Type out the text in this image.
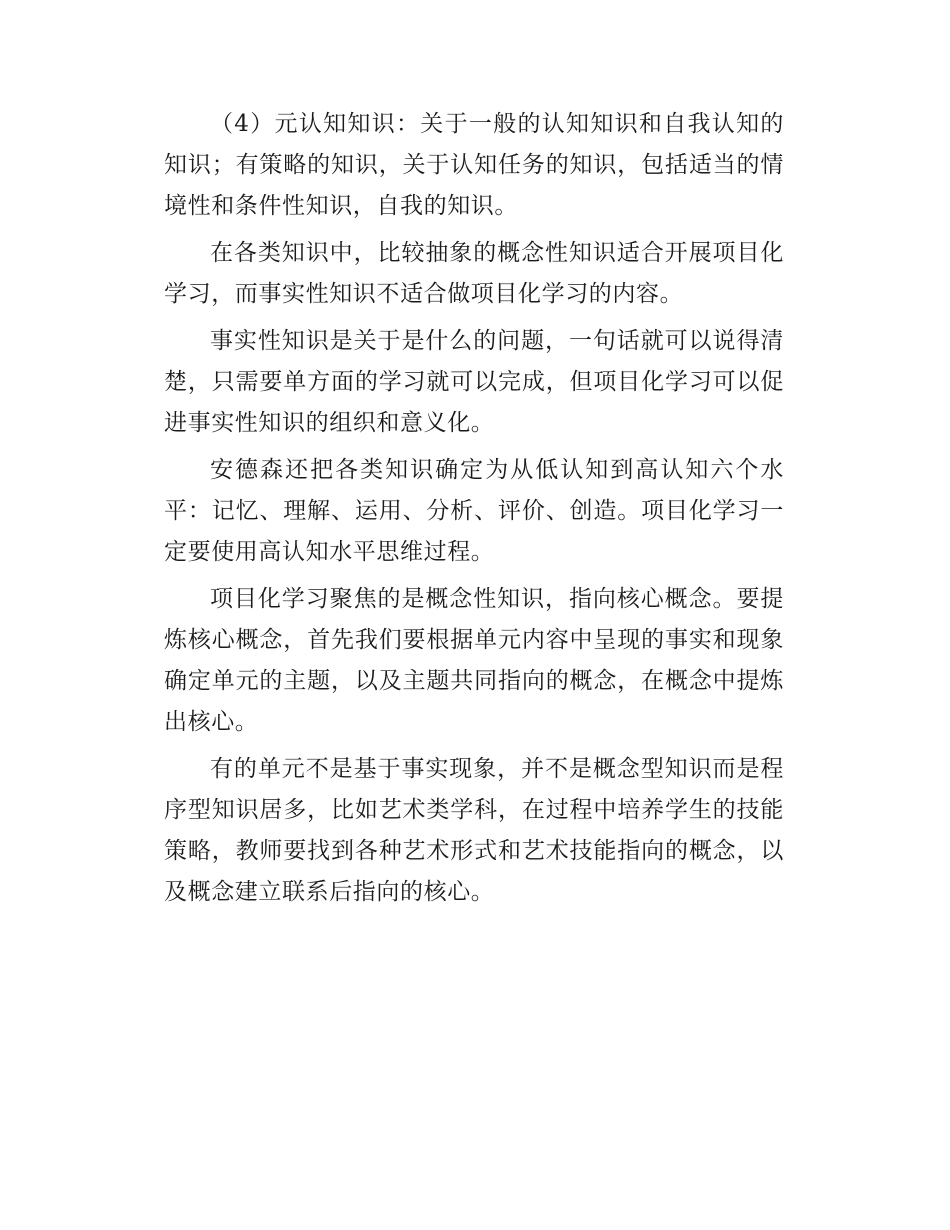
（4）元认知知识：关于一般的认知知识和自我认知的知识；有策略的知识，关于认知任务的知识，包括适当的情境性和条件性知识，自我的知识。

在各类知识中，比较抽象的概念性知识适合开展项目化学习，而事实性知识不适合做项目化学习的内容。

事实性知识是关于是什么的问题，一句话就可以说得清楚，只需要单方面的学习就可以完成，但项目化学习可以促进事实性知识的组织和意义化。

安德森还把各类知识确定为从低认知到高认知六个水平：记忆、理解、运用、分析、评价、创造。项目化学习一定要使用高认知水平思维过程。

项目化学习聚焦的是概念性知识，指向核心概念。要提炼核心概念，首先我们要根据单元内容中呈现的事实和现象确定单元的主题，以及主题共同指向的概念，在概念中提炼出核心。

有的单元不是基于事实现象，并不是概念型知识而是程序型知识居多，比如艺术类学科，在过程中培养学生的技能策略，教师要找到各种艺术形式和艺术技能指向的概念，以及概念建立联系后指向的核心。
